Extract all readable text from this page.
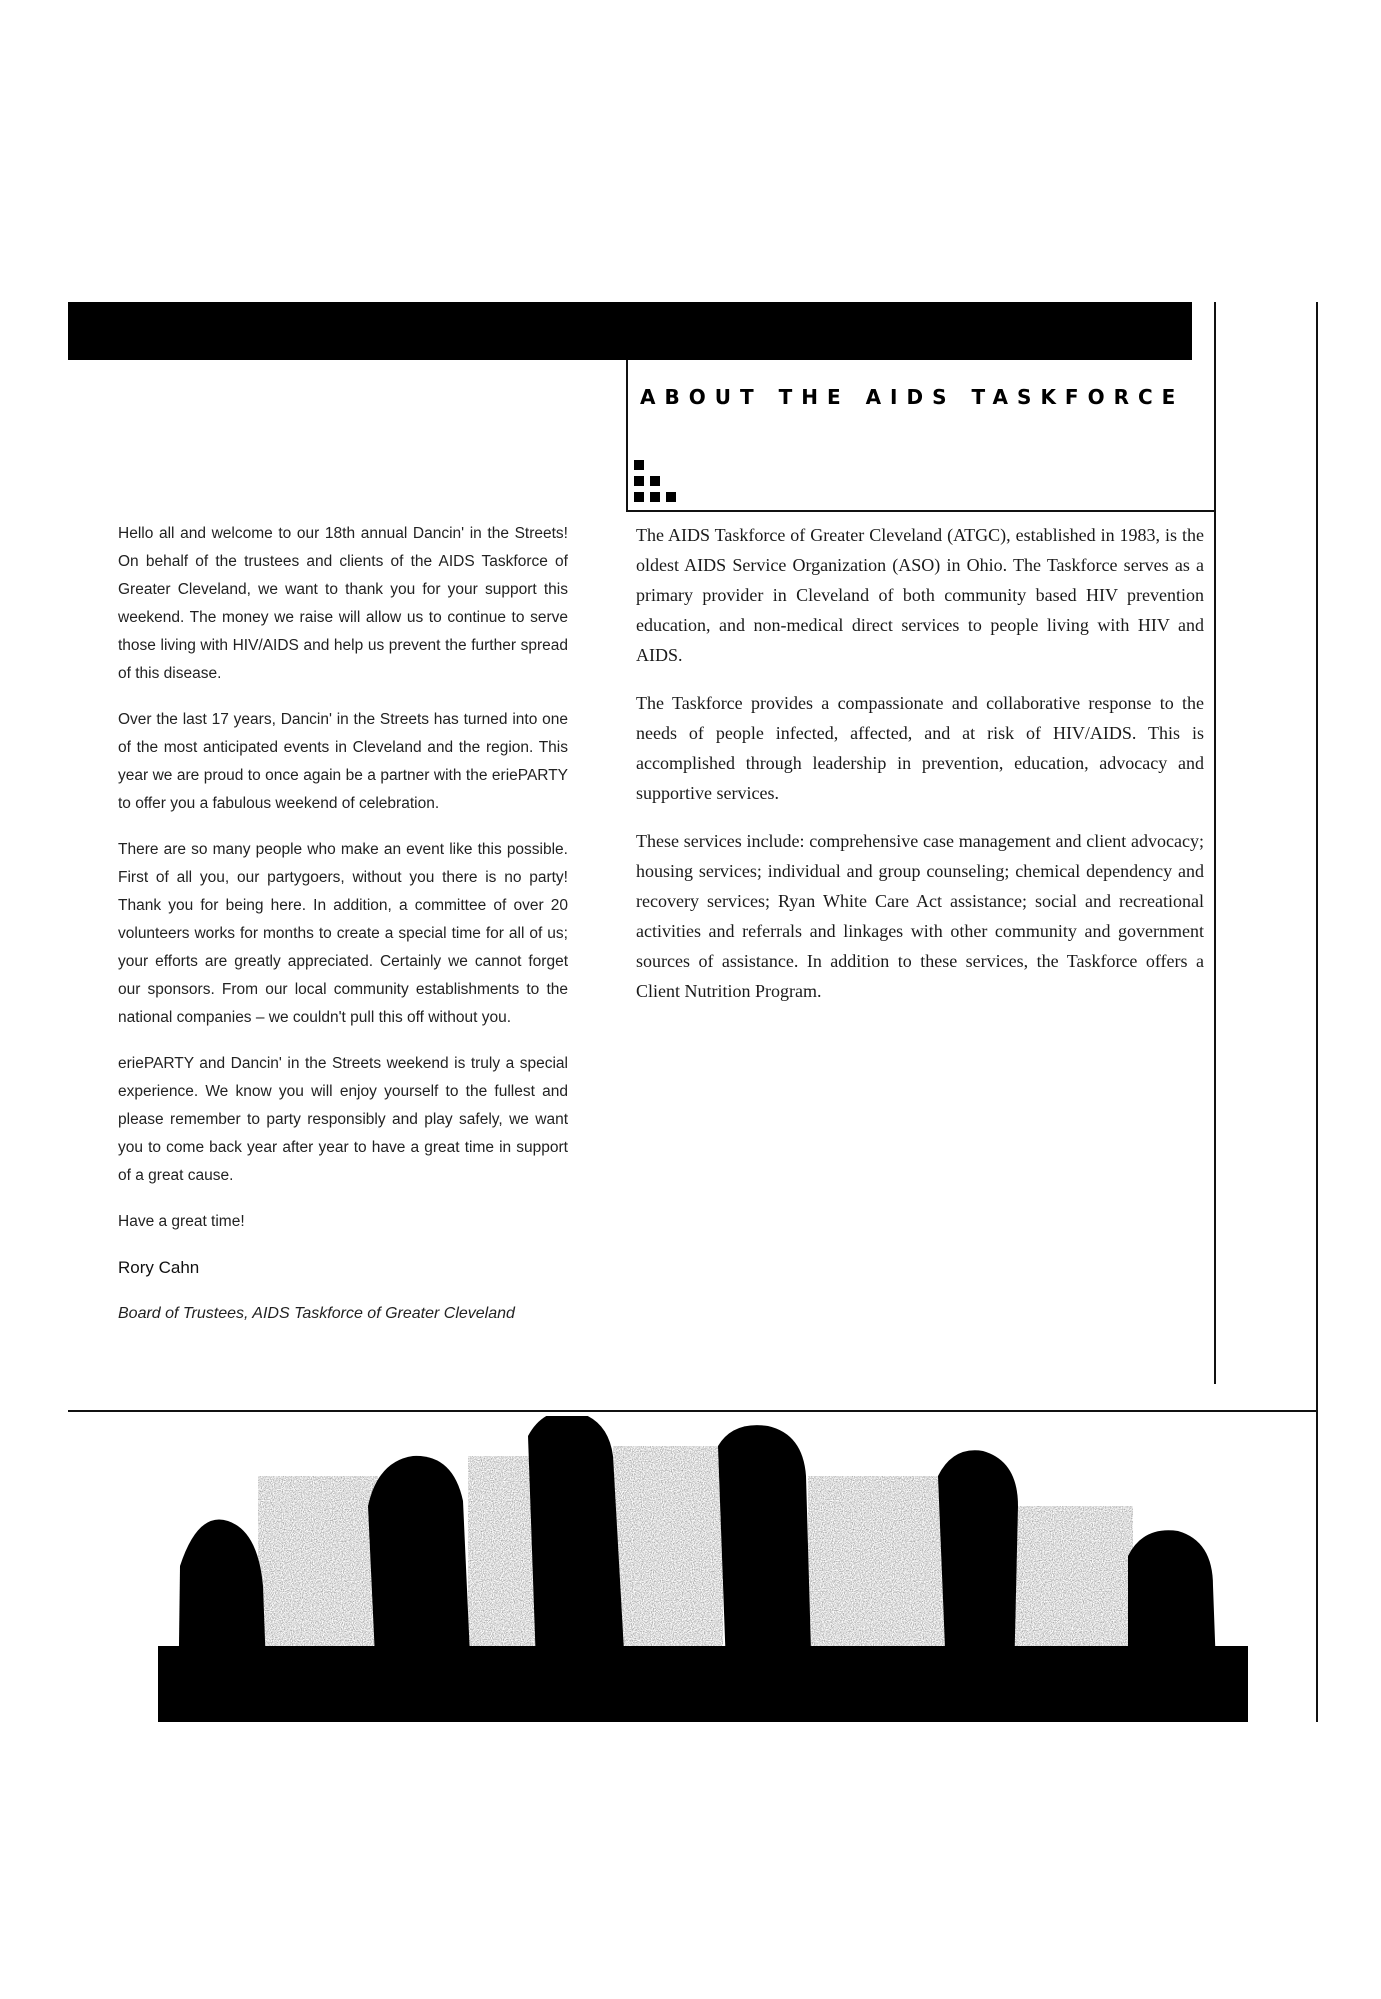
ABOUT THE AIDS TASKFORCE

Hello all and welcome to our 18th annual Dancin' in the Streets! On behalf of the trustees and clients of the AIDS Taskforce of Greater Cleveland, we want to thank you for your support this weekend. The money we raise will allow us to continue to serve those living with HIV/AIDS and help us prevent the further spread of this disease.

Over the last 17 years, Dancin' in the Streets has turned into one of the most anticipated events in Cleveland and the region. This year we are proud to once again be a partner with the eriePARTY to offer you a fabulous weekend of celebration.

There are so many people who make an event like this possible. First of all you, our partygoers, without you there is no party! Thank you for being here. In addition, a committee of over 20 volunteers works for months to create a special time for all of us; your efforts are greatly appreciated. Certainly we cannot forget our sponsors. From our local community establishments to the national companies – we couldn't pull this off without you.

eriePARTY and Dancin' in the Streets weekend is truly a special experience. We know you will enjoy yourself to the fullest and please remember to party responsibly and play safely, we want you to come back year after year to have a great time in support of a great cause.

Have a great time!

Rory Cahn

Board of Trustees, AIDS Taskforce of Greater Cleveland

The AIDS Taskforce of Greater Cleveland (ATGC), established in 1983, is the oldest AIDS Service Organization (ASO) in Ohio. The Taskforce serves as a primary provider in Cleveland of both community based HIV prevention education, and non-medical direct services to people living with HIV and AIDS.

The Taskforce provides a compassionate and collaborative response to the needs of people infected, affected, and at risk of HIV/AIDS. This is accomplished through leadership in prevention, education, advocacy and supportive services.

These services include: comprehensive case management and client advocacy; housing services; individual and group counseling; chemical dependency and recovery services; Ryan White Care Act assistance; social and recreational activities and referrals and linkages with other community and government sources of assistance. In addition to these services, the Taskforce offers a Client Nutrition Program.
